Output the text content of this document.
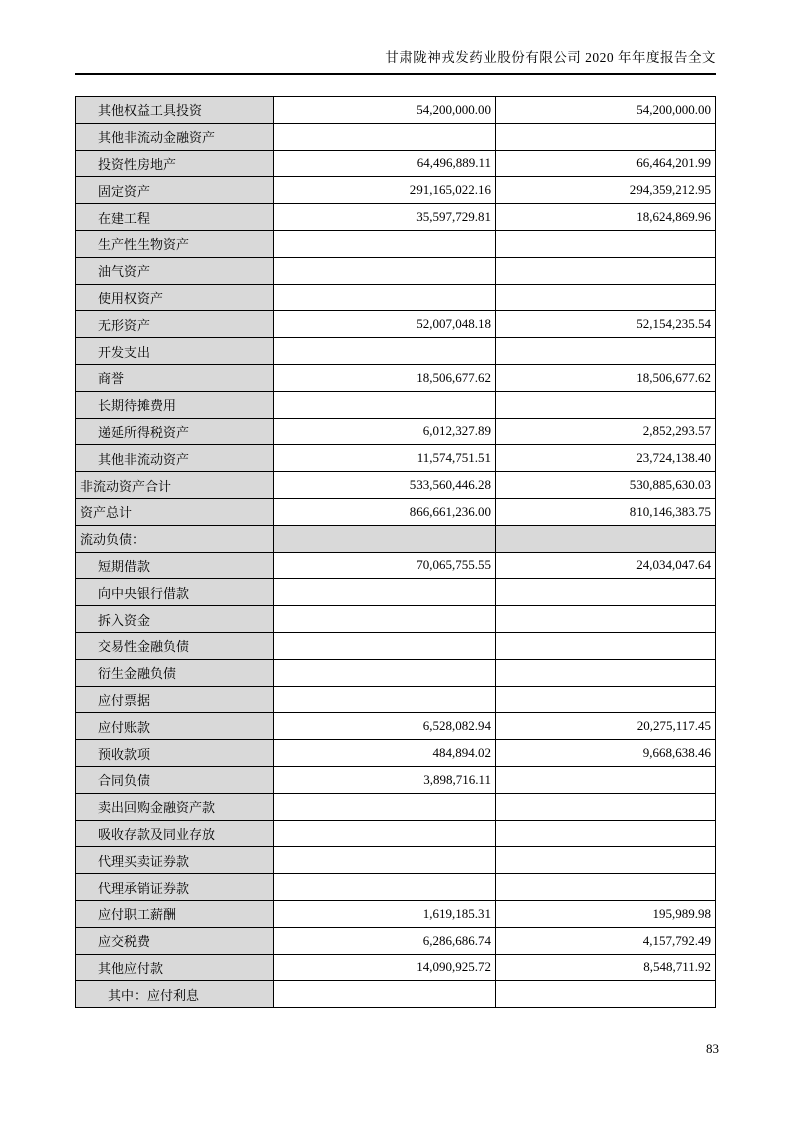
甘肃陇神戎发药业股份有限公司 2020 年年度报告全文
其他权益工具投资	54,200,000.00	54,200,000.00
其他非流动金融资产		
投资性房地产	64,496,889.11	66,464,201.99
固定资产	291,165,022.16	294,359,212.95
在建工程	35,597,729.81	18,624,869.96
生产性生物资产		
油气资产		
使用权资产		
无形资产	52,007,048.18	52,154,235.54
开发支出		
商誉	18,506,677.62	18,506,677.62
长期待摊费用		
递延所得税资产	6,012,327.89	2,852,293.57
其他非流动资产	11,574,751.51	23,724,138.40
非流动资产合计	533,560,446.28	530,885,630.03
资产总计	866,661,236.00	810,146,383.75
流动负债：		
短期借款	70,065,755.55	24,034,047.64
向中央银行借款		
拆入资金		
交易性金融负债		
衍生金融负债		
应付票据		
应付账款	6,528,082.94	20,275,117.45
预收款项	484,894.02	9,668,638.46
合同负债	3,898,716.11	
卖出回购金融资产款		
吸收存款及同业存放		
代理买卖证券款		
代理承销证券款		
应付职工薪酬	1,619,185.31	195,989.98
应交税费	6,286,686.74	4,157,792.49
其他应付款	14,090,925.72	8,548,711.92
其中：应付利息		
83
